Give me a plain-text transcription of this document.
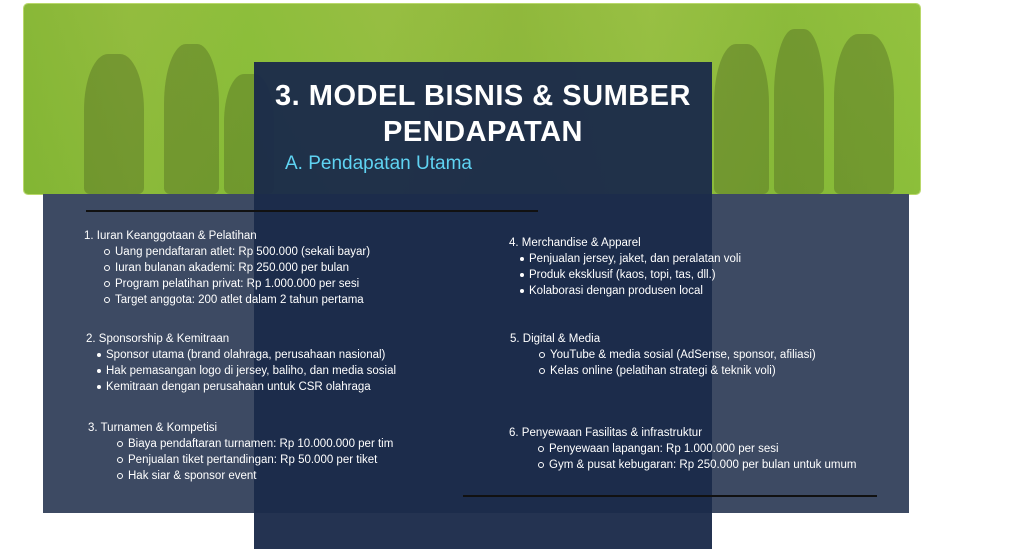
3. MODEL BISNIS & SUMBER PENDAPATAN
A. Pendapatan Utama

1. Iuran Keanggotaan & Pelatihan

Uang pendaftaran atlet: Rp 500.000 (sekali bayar)
Iuran bulanan akademi: Rp 250.000 per bulan
Program pelatihan privat: Rp 1.000.000 per sesi
Target anggota: 200 atlet dalam 2 tahun pertama

2. Sponsorship & Kemitraan

Sponsor utama (brand olahraga, perusahaan nasional)
Hak pemasangan logo di jersey, baliho, dan media sosial
Kemitraan dengan perusahaan untuk CSR olahraga

3. Turnamen & Kompetisi

Biaya pendaftaran turnamen: Rp 10.000.000 per tim
Penjualan tiket pertandingan: Rp 50.000 per tiket
Hak siar & sponsor event

4. Merchandise & Apparel

Penjualan jersey, jaket, dan peralatan voli
Produk eksklusif (kaos, topi, tas, dll.)
Kolaborasi dengan produsen local

5. Digital & Media

YouTube & media sosial (AdSense, sponsor, afiliasi)
Kelas online (pelatihan strategi & teknik voli)

6. Penyewaan Fasilitas & infrastruktur

Penyewaan lapangan: Rp 1.000.000 per sesi
Gym & pusat kebugaran: Rp 250.000 per bulan untuk umum
